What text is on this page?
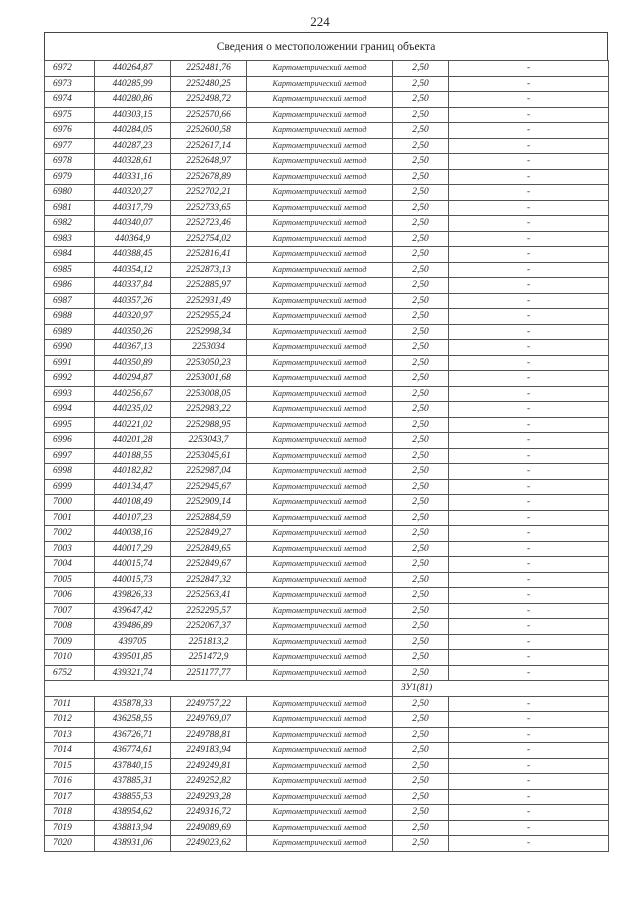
224
Сведения о местоположении границ объекта
6972	440264,87	2252481,76	Картометрический метод	2,50	-
6973	440285,99	2252480,25	Картометрический метод	2,50	-
6974	440280,86	2252498,72	Картометрический метод	2,50	-
6975	440303,15	2252570,66	Картометрический метод	2,50	-
6976	440284,05	2252600,58	Картометрический метод	2,50	-
6977	440287,23	2252617,14	Картометрический метод	2,50	-
6978	440328,61	2252648,97	Картометрический метод	2,50	-
6979	440331,16	2252678,89	Картометрический метод	2,50	-
6980	440320,27	2252702,21	Картометрический метод	2,50	-
6981	440317,79	2252733,65	Картометрический метод	2,50	-
6982	440340,07	2252723,46	Картометрический метод	2,50	-
6983	440364,9	2252754,02	Картометрический метод	2,50	-
6984	440388,45	2252816,41	Картометрический метод	2,50	-
6985	440354,12	2252873,13	Картометрический метод	2,50	-
6986	440337,84	2252885,97	Картометрический метод	2,50	-
6987	440357,26	2252931,49	Картометрический метод	2,50	-
6988	440320,97	2252955,24	Картометрический метод	2,50	-
6989	440350,26	2252998,34	Картометрический метод	2,50	-
6990	440367,13	2253034	Картометрический метод	2,50	-
6991	440350,89	2253050,23	Картометрический метод	2,50	-
6992	440294,87	2253001,68	Картометрический метод	2,50	-
6993	440256,67	2253008,05	Картометрический метод	2,50	-
6994	440235,02	2252983,22	Картометрический метод	2,50	-
6995	440221,02	2252988,95	Картометрический метод	2,50	-
6996	440201,28	2253043,7	Картометрический метод	2,50	-
6997	440188,55	2253045,61	Картометрический метод	2,50	-
6998	440182,82	2252987,04	Картометрический метод	2,50	-
6999	440134,47	2252945,67	Картометрический метод	2,50	-
7000	440108,49	2252909,14	Картометрический метод	2,50	-
7001	440107,23	2252884,59	Картометрический метод	2,50	-
7002	440038,16	2252849,27	Картометрический метод	2,50	-
7003	440017,29	2252849,65	Картометрический метод	2,50	-
7004	440015,74	2252849,67	Картометрический метод	2,50	-
7005	440015,73	2252847,32	Картометрический метод	2,50	-
7006	439826,33	2252563,41	Картометрический метод	2,50	-
7007	439647,42	2252295,57	Картометрический метод	2,50	-
7008	439486,89	2252067,37	Картометрический метод	2,50	-
7009	439705	2251813,2	Картометрический метод	2,50	-
7010	439501,85	2251472,9	Картометрический метод	2,50	-
6752	439321,74	2251177,77	Картометрический метод	2,50	-
				ЗУ1(81)	
7011	435878,33	2249757,22	Картометрический метод	2,50	-
7012	436258,55	2249769,07	Картометрический метод	2,50	-
7013	436726,71	2249788,81	Картометрический метод	2,50	-
7014	436774,61	2249183,94	Картометрический метод	2,50	-
7015	437840,15	2249249,81	Картометрический метод	2,50	-
7016	437885,31	2249252,82	Картометрический метод	2,50	-
7017	438855,53	2249293,28	Картометрический метод	2,50	-
7018	438954,62	2249316,72	Картометрический метод	2,50	-
7019	438813,94	2249089,69	Картометрический метод	2,50	-
7020	438931,06	2249023,62	Картометрический метод	2,50	-
